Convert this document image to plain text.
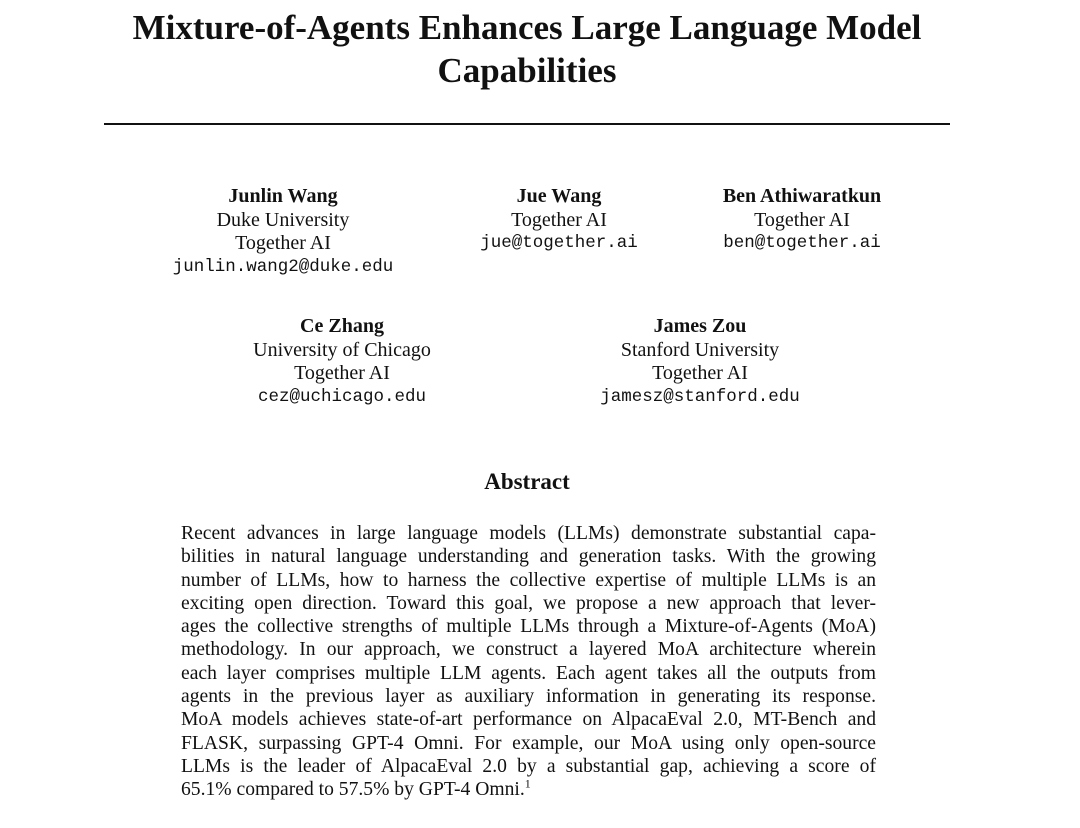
Mixture-of-Agents Enhances Large Language Model
Capabilities
Junlin Wang
Duke University
Together AI
junlin.wang2@duke.edu
Jue Wang
Together AI
jue@together.ai
Ben Athiwaratkun
Together AI
ben@together.ai
Ce Zhang
University of Chicago
Together AI
cez@uchicago.edu
James Zou
Stanford University
Together AI
jamesz@stanford.edu
Abstract

Recent advances in large language models (LLMs) demonstrate substantial capa-
bilities in natural language understanding and generation tasks. With the growing
number of LLMs, how to harness the collective expertise of multiple LLMs is an
exciting open direction. Toward this goal, we propose a new approach that lever-
ages the collective strengths of multiple LLMs through a Mixture-of-Agents (MoA)
methodology. In our approach, we construct a layered MoA architecture wherein
each layer comprises multiple LLM agents. Each agent takes all the outputs from
agents in the previous layer as auxiliary information in generating its response.
MoA models achieves state-of-art performance on AlpacaEval 2.0, MT-Bench and
FLASK, surpassing GPT-4 Omni. For example, our MoA using only open-source
LLMs is the leader of AlpacaEval 2.0 by a substantial gap, achieving a score of
65.1% compared to 57.5% by GPT-4 Omni.$^1$
